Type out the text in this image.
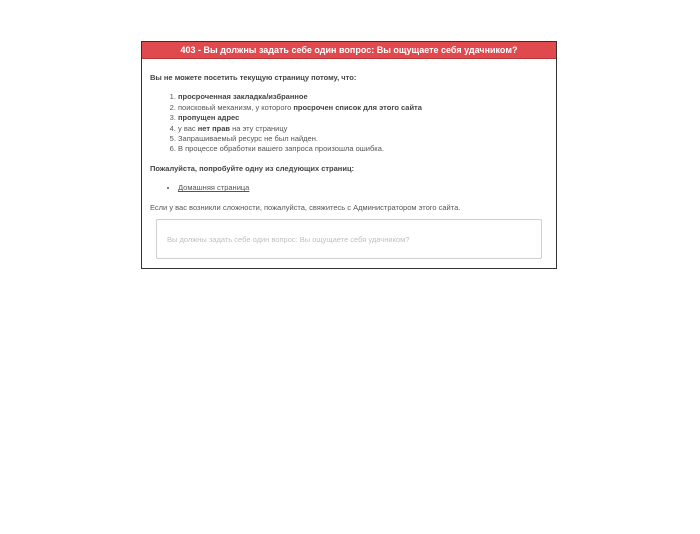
403 - Вы должны задать себе один вопрос: Вы ощущаете себя удачником?

Вы не можете посетить текущую страницу потому, что:

1. просроченная закладка/избранное
2. поисковый механизм, у которого просрочен список для этого сайта
3. пропущен адрес
4. у вас нет прав на эту страницу
5. Запрашиваемый ресурс не был найден.
6. В процессе обработки вашего запроса произошла ошибка.

Пожалуйста, попробуйте одну из следующих страниц:

• Домашняя страница

Если у вас возникли сложности, пожалуйста, свяжитесь с Администратором этого сайта.

Вы должны задать себе один вопрос: Вы ощущаете себя удачником?
